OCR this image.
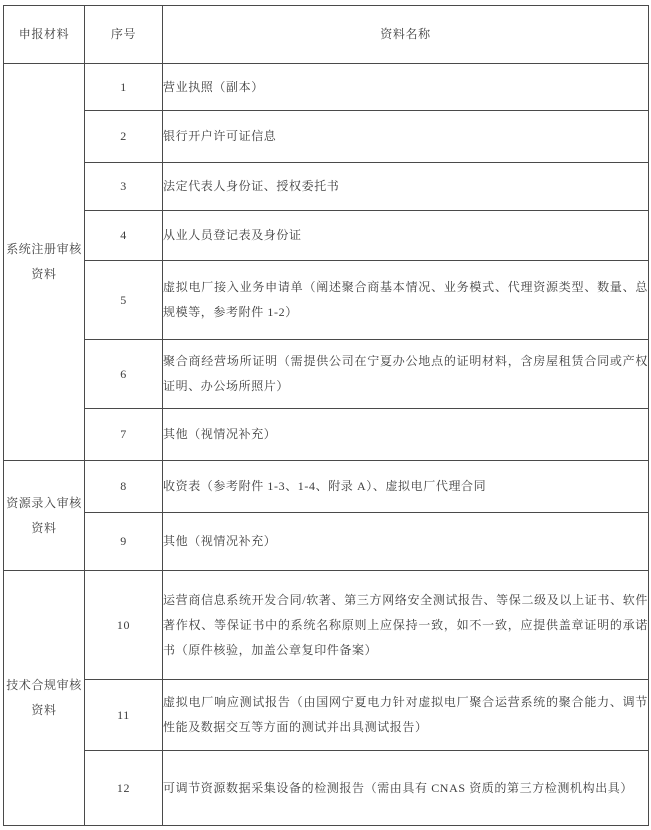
申报材料	序号	资料名称
系统注册审核资料	1	营业执照（副本）
	2	银行开户许可证信息
	3	法定代表人身份证、授权委托书
	4	从业人员登记表及身份证
	5	虚拟电厂接入业务申请单（阐述聚合商基本情况、业务模式、代理资源类型、数量、总规模等，参考附件 1-2）
	6	聚合商经营场所证明（需提供公司在宁夏办公地点的证明材料，含房屋租赁合同或产权证明、办公场所照片）
	7	其他（视情况补充）
资源录入审核资料	8	收资表（参考附件 1-3、1-4、附录 A）、虚拟电厂代理合同
	9	其他（视情况补充）
技术合规审核资料	10	运营商信息系统开发合同/软著、第三方网络安全测试报告、等保二级及以上证书、软件著作权、等保证书中的系统名称原则上应保持一致，如不一致，应提供盖章证明的承诺书（原件核验，加盖公章复印件备案）
	11	虚拟电厂响应测试报告（由国网宁夏电力针对虚拟电厂聚合运营系统的聚合能力、调节性能及数据交互等方面的测试并出具测试报告）
	12	可调节资源数据采集设备的检测报告（需由具有 CNAS 资质的第三方检测机构出具）
